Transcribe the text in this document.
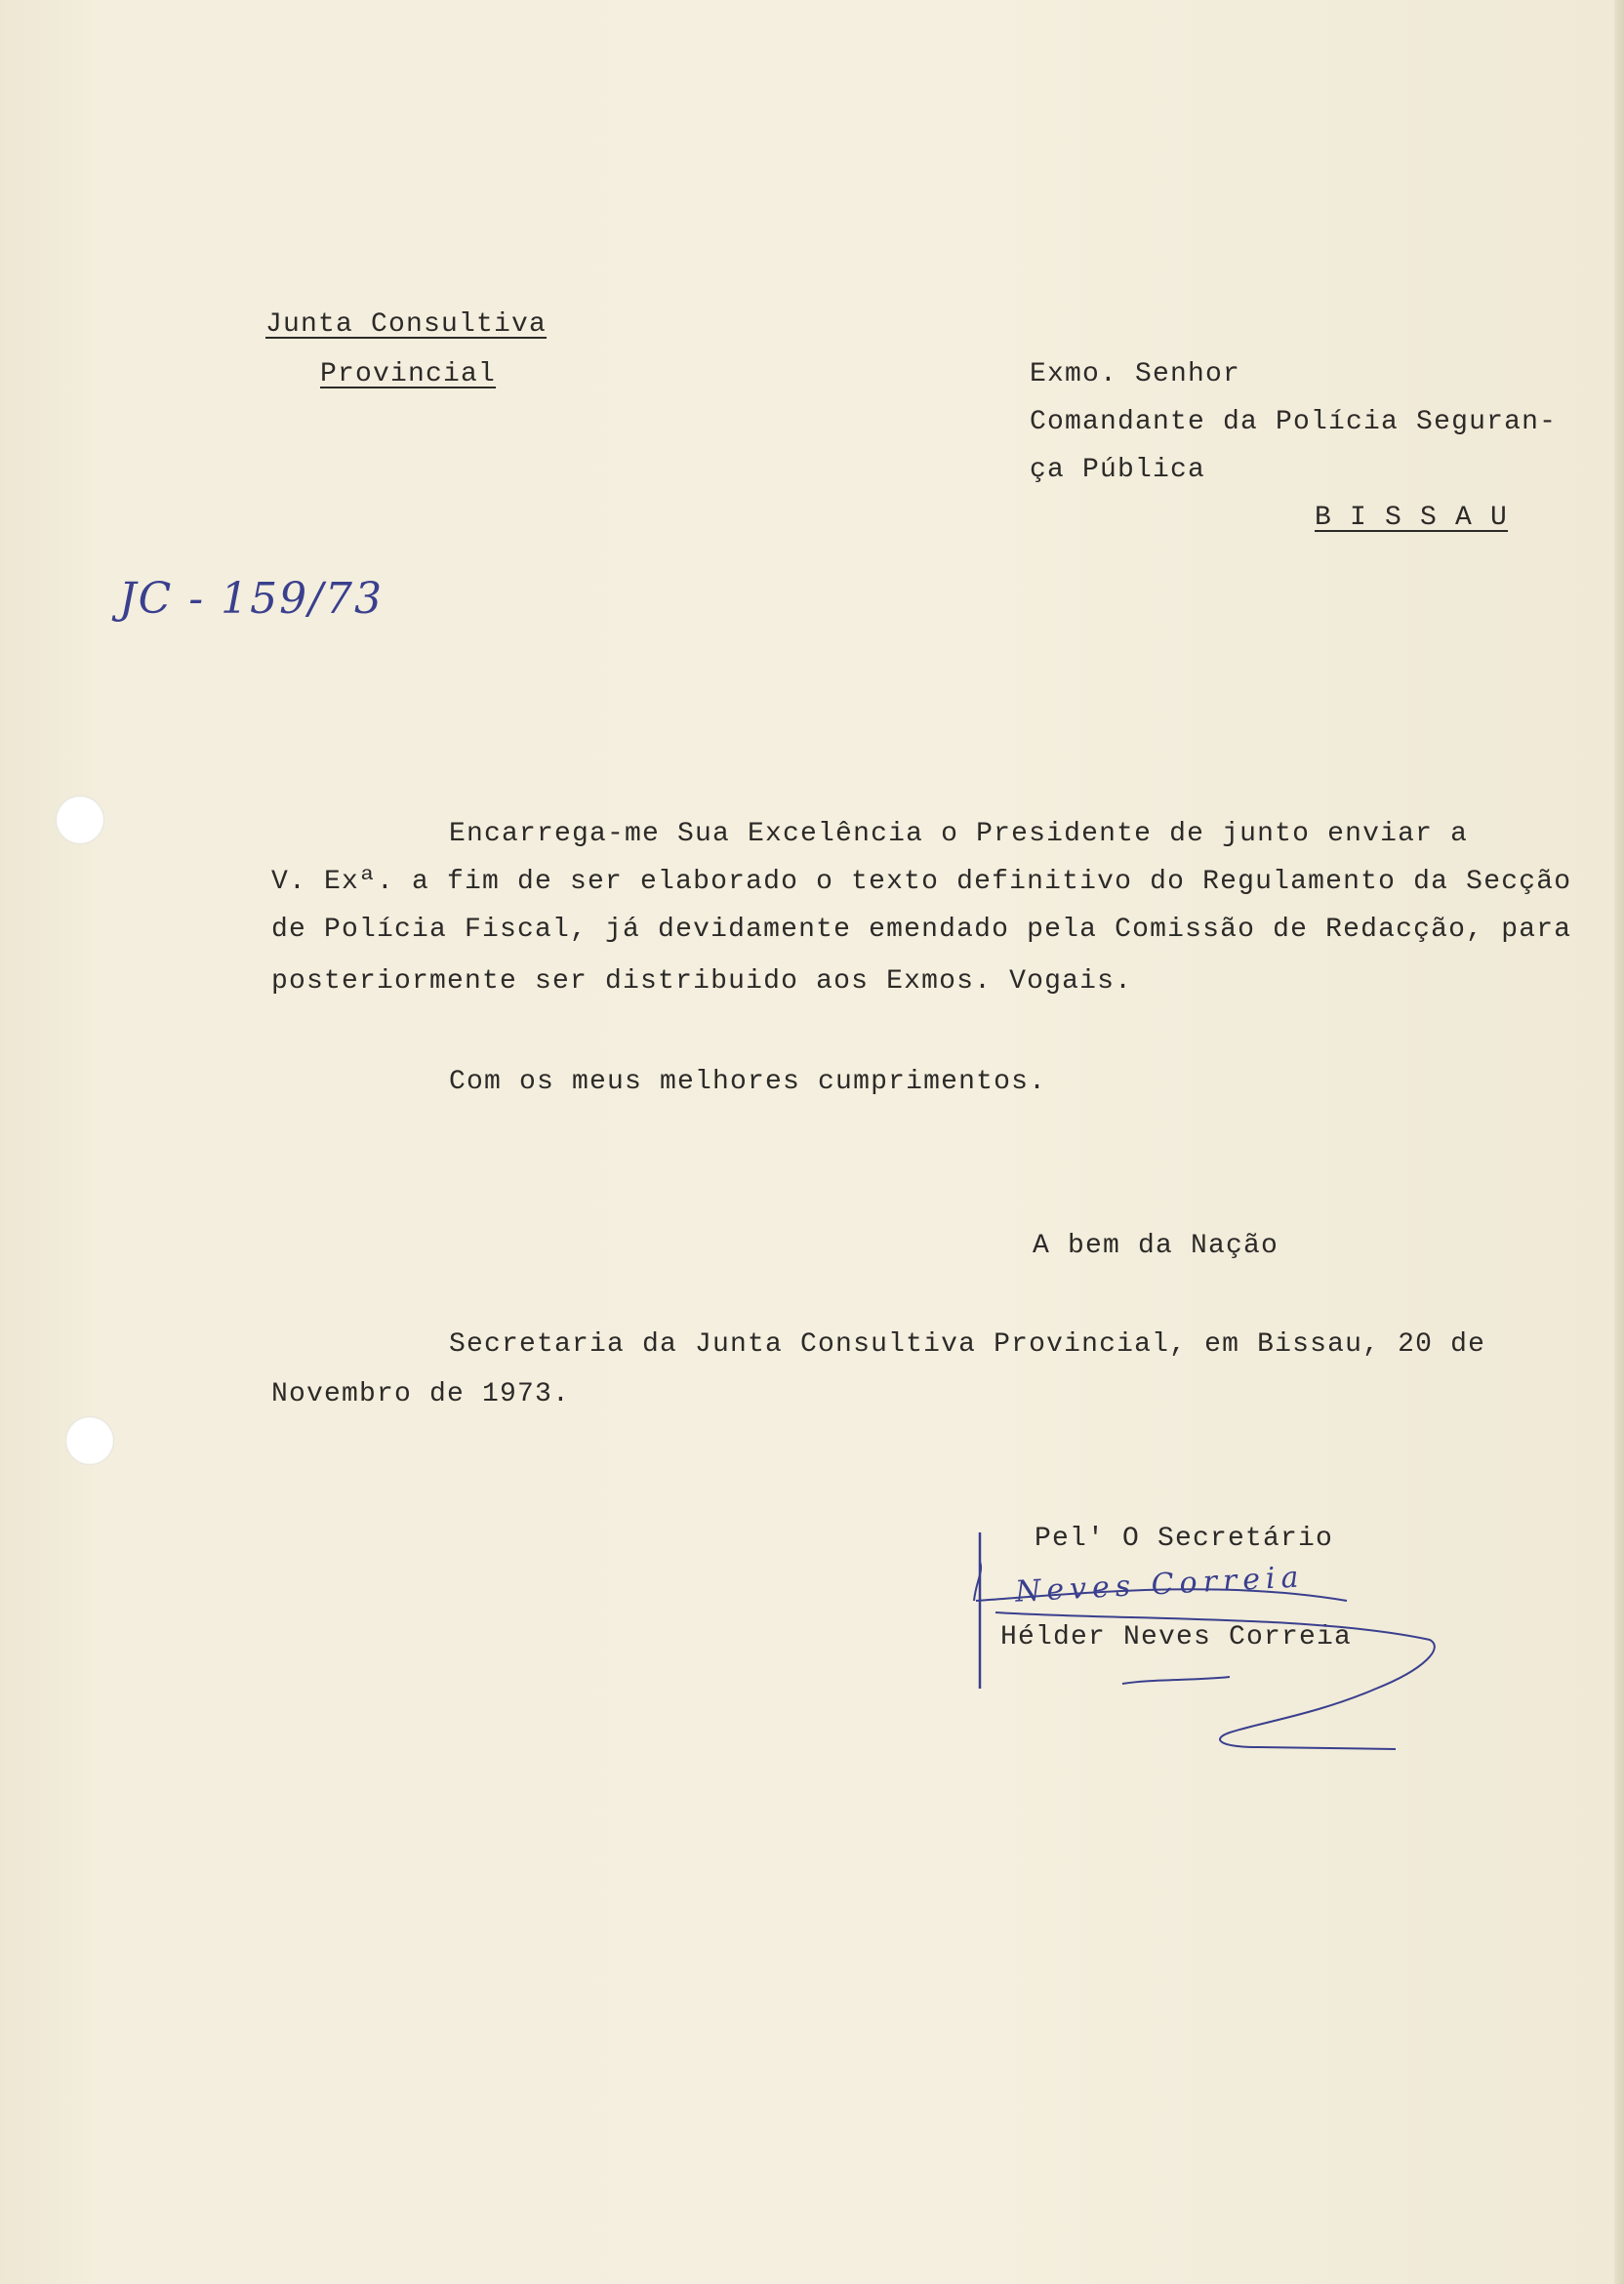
Junta Consultiva
Provincial	Exmo. Senhor
Comandante da Polícia Seguran-
ça Pública
B I S S A U
JC - 159/73
Encarrega-me Sua Excelência o Presidente de junto enviar a
V. Exª. a fim de ser elaborado o texto definitivo do Regulamento da Secção
de Polícia Fiscal, já devidamente emendado pela Comissão de Redacção, para
posteriormente ser distribuido aos Exmos. Vogais.
Com os meus melhores cumprimentos.
A bem da Nação
Secretaria da Junta Consultiva Provincial, em Bissau, 20 de
Novembro de 1973.
Pel' O Secretário
Neves Correia
Hélder Neves Correia
